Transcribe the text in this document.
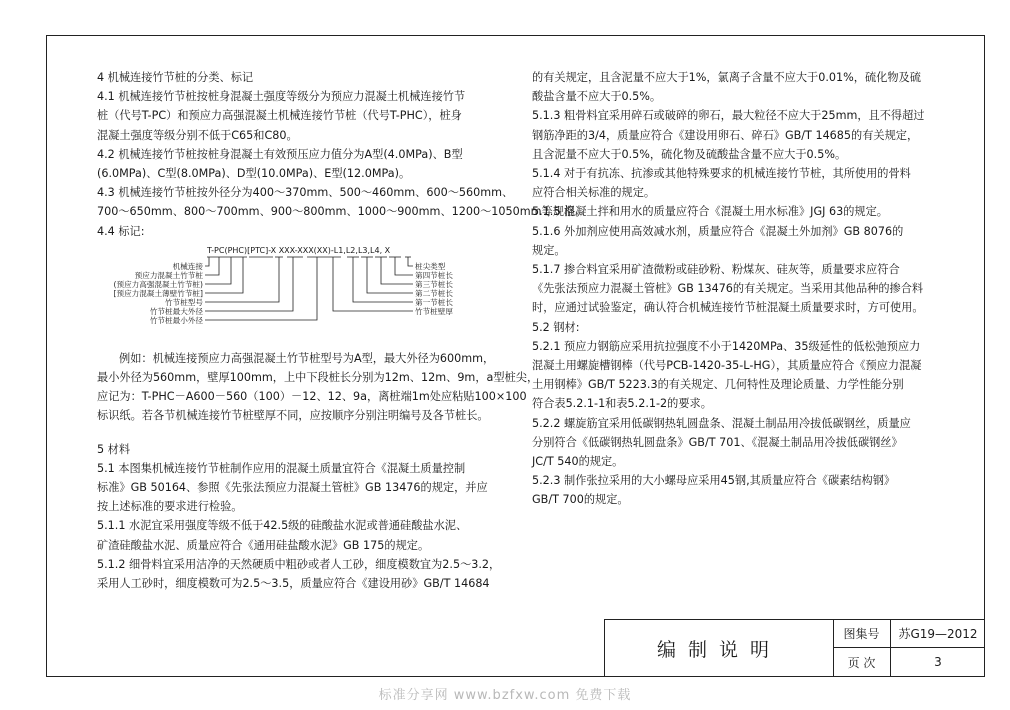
4 机械连接竹节桩的分类、标记

4.1 机械连接竹节桩按桩身混凝土强度等级分为预应力混凝土机械连接竹节

桩（代号T-PC）和预应力高强混凝土机械连接竹节桩（代号T-PHC），桩身

混凝土强度等级分别不低于C65和C80。

4.2 机械连接竹节桩按桩身混凝土有效预压应力值分为A型(4.0MPa)、B型

(6.0MPa)、C型(8.0MPa)、D型(10.0MPa)、E型(12.0MPa)。

4.3 机械连接竹节桩按外径分为400～370mm、500～460mm、600～560mm、

700～650mm、800～700mm、900～800mm、1000～900mm、1200～1050mm等规格。

4.4 标记:

T-PC(PHC)[PTC]-X XXX-XXX(XX)-L1,L2,L3,L4, X
机械连接
预应力混凝土竹节桩
(预应力高强混凝土竹节桩)
[预应力混凝土薄壁竹节桩]
竹节桩型号
竹节桩最大外径
竹节桩最小外径
桩尖类型
第四节桩长
第三节桩长
第二节桩长
第一节桩长
竹节桩壁厚

例如：机械连接预应力高强混凝土竹节桩型号为A型，最大外径为600mm，

最小外径为560mm，壁厚100mm，上中下段桩长分别为12m、12m、9m，a型桩尖，

应记为：T-PHC－A600－560（100）－12、12、9a，离桩端1m处应粘贴100×100

标识纸。若各节机械连接竹节桩壁厚不同，应按顺序分别注明编号及各节桩长。

5 材料

5.1 本图集机械连接竹节桩制作应用的混凝土质量宜符合《混凝土质量控制

标准》GB 50164、参照《先张法预应力混凝土管桩》GB 13476的规定，并应

按上述标准的要求进行检验。

5.1.1 水泥宜采用强度等级不低于42.5级的硅酸盐水泥或普通硅酸盐水泥、

矿渣硅酸盐水泥、质量应符合《通用硅盐酸水泥》GB 175的规定。

5.1.2 细骨料宜采用洁净的天然硬质中粗砂或者人工砂，细度模数宜为2.5～3.2，

采用人工砂时，细度模数可为2.5～3.5，质量应符合《建设用砂》GB/T 14684

的有关规定，且含泥量不应大于1%，氯离子含量不应大于0.01%，硫化物及硫

酸盐含量不应大于0.5%。

5.1.3 粗骨料宜采用碎石或破碎的卵石，最大粒径不应大于25mm，且不得超过

钢筋净距的3/4，质量应符合《建设用卵石、碎石》GB/T 14685的有关规定，

且含泥量不应大于0.5%，硫化物及硫酸盐含量不应大于0.5%。

5.1.4 对于有抗冻、抗渗或其他特殊要求的机械连接竹节桩，其所使用的骨料

应符合相关标准的规定。

5.1.5 混凝土拌和用水的质量应符合《混凝土用水标准》JGJ 63的规定。

5.1.6 外加剂应使用高效减水剂，质量应符合《混凝土外加剂》GB 8076的

规定。

5.1.7 掺合料宜采用矿渣微粉或硅砂粉、粉煤灰、硅灰等，质量要求应符合

《先张法预应力混凝土管桩》GB 13476的有关规定。当采用其他品种的掺合料

时，应通过试验鉴定，确认符合机械连接竹节桩混凝土质量要求时，方可使用。

5.2 钢材:

5.2.1 预应力钢筋应采用抗拉强度不小于1420MPa、35级延性的低松弛预应力

混凝土用螺旋槽钢棒（代号PCB-1420-35-L-HG），其质量应符合《预应力混凝

土用钢棒》GB/T 5223.3的有关规定、几何特性及理论质量、力学性能分别

符合表5.2.1-1和表5.2.1-2的要求。

5.2.2 螺旋筋宜采用低碳钢热轧圆盘条、混凝土制品用冷拔低碳钢丝，质量应

分别符合《低碳钢热轧圆盘条》GB/T 701、《混凝土制品用冷拔低碳钢丝》

JC/T 540的规定。

5.2.3 制作张拉采用的大小螺母应采用45钢,其质量应符合《碳素结构钢》

GB/T 700的规定。

编制说明
图集号	苏G19—2012
页 次	3
标准分享网 www.bzfxw.com 免费下载
